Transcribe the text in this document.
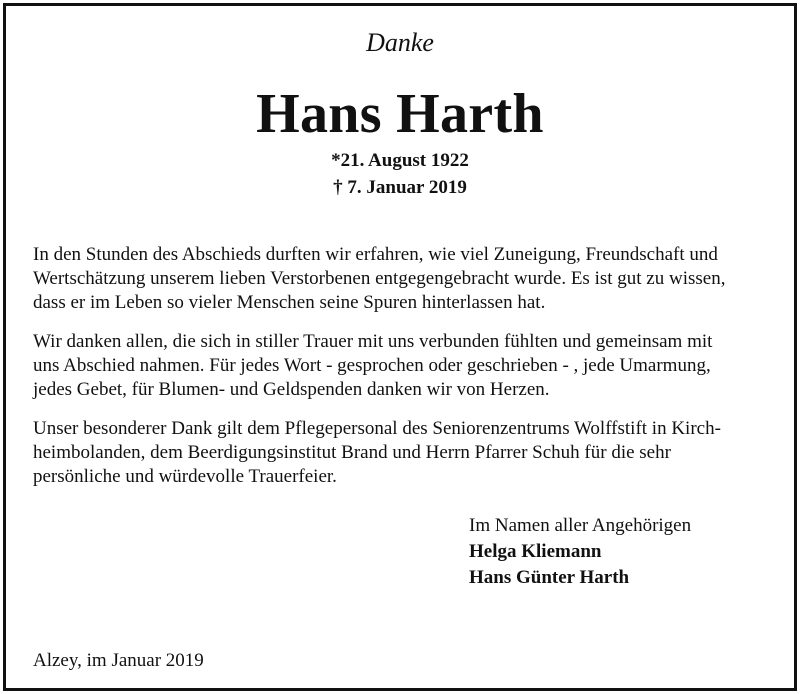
Danke
Hans Harth
*21. August 1922
† 7. Januar 2019

In den Stunden des Abschieds durften wir erfahren, wie viel Zuneigung, Freundschaft und
Wertschätzung unserem lieben Verstorbenen entgegengebracht wurde. Es ist gut zu wissen,
dass er im Leben so vieler Menschen seine Spuren hinterlassen hat.

Wir danken allen, die sich in stiller Trauer mit uns verbunden fühlten und gemeinsam mit
uns Abschied nahmen. Für jedes Wort - gesprochen oder geschrieben - , jede Umarmung,
jedes Gebet, für Blumen- und Geldspenden danken wir von Herzen.

Unser besonderer Dank gilt dem Pflegepersonal des Seniorenzentrums Wolffstift in Kirch-
heimbolanden, dem Beerdigungsinstitut Brand und Herrn Pfarrer Schuh für die sehr
persönliche und würdevolle Trauerfeier.

Im Namen aller Angehörigen
Helga Kliemann
Hans Günter Harth
Alzey, im Januar 2019
